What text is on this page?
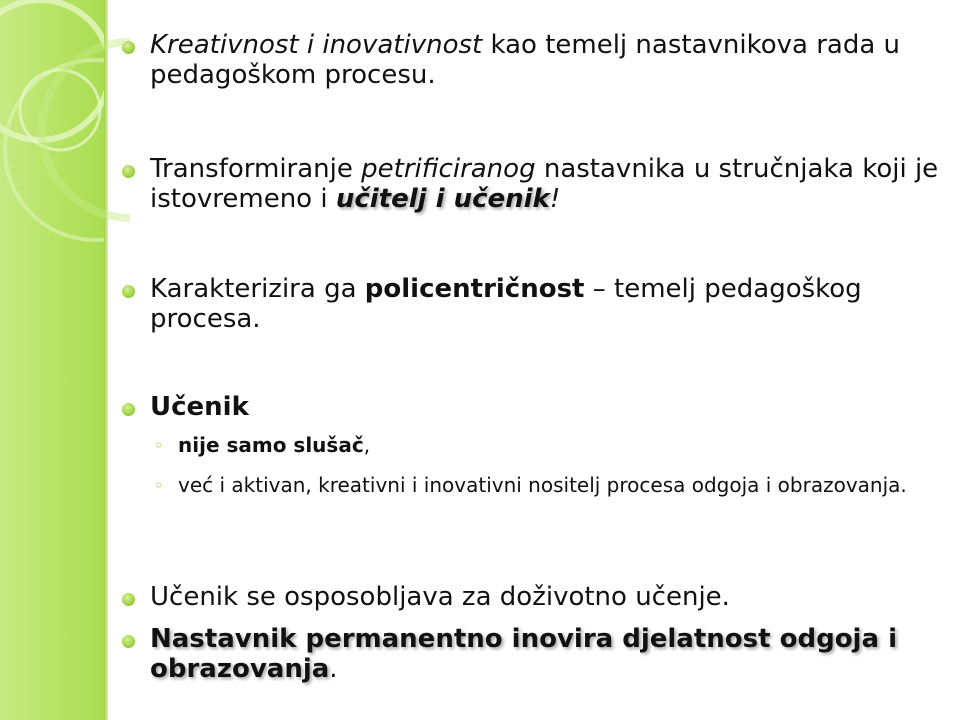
Kreativnost i inovativnost kao temelj nastavnikova rada u pedagoškom procesu.
Transformiranje petrificiranog nastavnika u stručnjaka koji je istovremeno i učitelj i učenik!
Karakterizira ga policentričnost – temelj pedagoškog procesa.
Učenik
◦ nije samo slušač,
◦ već i aktivan, kreativni i inovativni nositelj procesa odgoja i obrazovanja.
Učenik se osposobljava za doživotno učenje.
Nastavnik permanentno inovira djelatnost odgoja i obrazovanja.
